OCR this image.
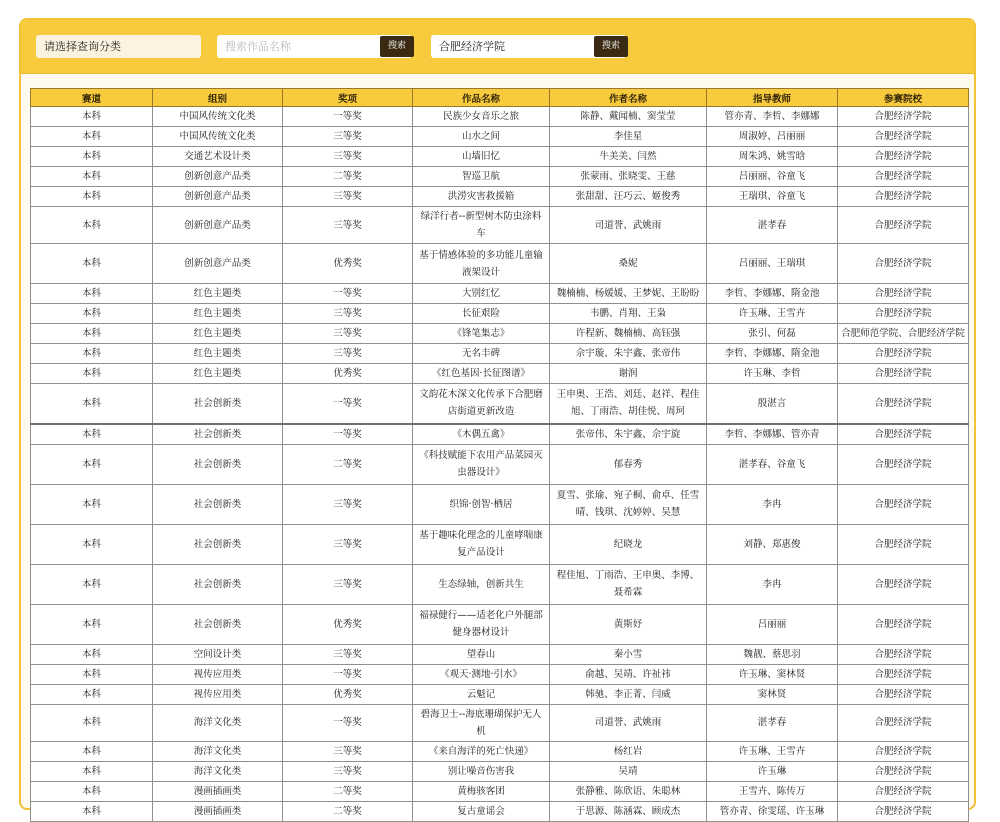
请选择查询分类
搜索作品名称	搜索
合肥经济学院	搜索
赛道	组别	奖项	作品名称	作者名称	指导教师	参赛院校
本科	中国风传统文化类	一等奖	民族少女音乐之旅	陈静、戴闻楠、窦莹莹	管亦青、李哲、李娜娜	合肥经济学院
本科	中国风传统文化类	三等奖	山水之间	李佳星	周淑婷、吕丽丽	合肥经济学院
本科	交通艺术设计类	三等奖	山墙旧忆	牛美美、闫然	周朱鸿、姚雪晗	合肥经济学院
本科	创新创意产品类	二等奖	智巡卫航	张蒙雨、张晓雯、王慈	吕丽丽、谷童飞	合肥经济学院
本科	创新创意产品类	三等奖	洪涝灾害救援箱	张甜甜、汪巧云、姬俊秀	王瑞琪、谷童飞	合肥经济学院
本科	创新创意产品类	三等奖	绿洋行者--新型树木防虫涂料车	司道誉、武姚雨	湛孝春	合肥经济学院
本科	创新创意产品类	优秀奖	基于情感体验的多功能儿童输液架设计	桑妮	吕丽丽、王瑞琪	合肥经济学院
本科	红色主题类	一等奖	大别红忆	魏楠楠、杨媛媛、王梦妮、王盼盼	李哲、李娜娜、隋金池	合肥经济学院
本科	红色主题类	三等奖	长征艰险	韦鹏、肖翔、王枭	许玉琳、王雪卉	合肥经济学院
本科	红色主题类	三等奖	《锋笔集志》	许程新、魏楠楠、高钰强	张引、何磊	合肥师范学院、合肥经济学院
本科	红色主题类	三等奖	无名丰碑	佘宇璇、朱宇鑫、张帝伟	李哲、李娜娜、隋金池	合肥经济学院
本科	红色主题类	优秀奖	《红色基因·长征图谱》	谢润	许玉琳、李哲	合肥经济学院
本科	社会创新类	一等奖	文韵花木深文化传承下合肥磨店街道更新改造	王申奥、王浩、刘廷、赵祥、程佳旭、丁雨浩、胡佳悦、周珂	殷湛言	合肥经济学院
本科	社会创新类	一等奖	《木偶五禽》	张帝伟、朱宇鑫、佘宇旋	李哲、李娜娜、管亦青	合肥经济学院
本科	社会创新类	二等奖	《科技赋能下农用产品菜园灭虫器设计》	郁春秀	湛孝春、谷童飞	合肥经济学院
本科	社会创新类	三等奖	织锦·创智·栖居	夏雪、张瑜、宛子桐、俞卓、任雪晴、钱琪、沈婷婷、吴慧	李冉	合肥经济学院
本科	社会创新类	三等奖	基于趣味化理念的儿童哮喘康复产品设计	纪晓龙	刘静、郑惠俊	合肥经济学院
本科	社会创新类	三等奖	生态绿轴，创新共生	程佳旭、丁雨浩、王申奥、李博、聂希霖	李冉	合肥经济学院
本科	社会创新类	优秀奖	福禄健行——适老化户外腿部健身器材设计	黄斯妤	吕丽丽	合肥经济学院
本科	空间设计类	三等奖	望春山	秦小雪	魏靓、蔡思羽	合肥经济学院
本科	视传应用类	一等奖	《观天·测地·引水》	俞越、吴靖、许祉祎	许玉琳、窦林贤	合肥经济学院
本科	视传应用类	优秀奖	云魁记	韩驰、李正菁、闫威	窦林贤	合肥经济学院
本科	海洋文化类	一等奖	碧海卫士--海底珊瑚保护无人机	司道誉、武姚雨	湛孝春	合肥经济学院
本科	海洋文化类	三等奖	《来自海洋的死亡快递》	杨红岩	许玉琳、王雪卉	合肥经济学院
本科	海洋文化类	三等奖	别让噪音伤害我	吴靖	许玉琳	合肥经济学院
本科	漫画插画类	二等奖	黄梅骇客团	张静雅、陈欣语、朱聪林	王雪卉、陈传万	合肥经济学院
本科	漫画插画类	二等奖	复古童谣会	于思源、陈涵霖、顾成杰	管亦青、徐雯瑶、许玉琳	合肥经济学院
